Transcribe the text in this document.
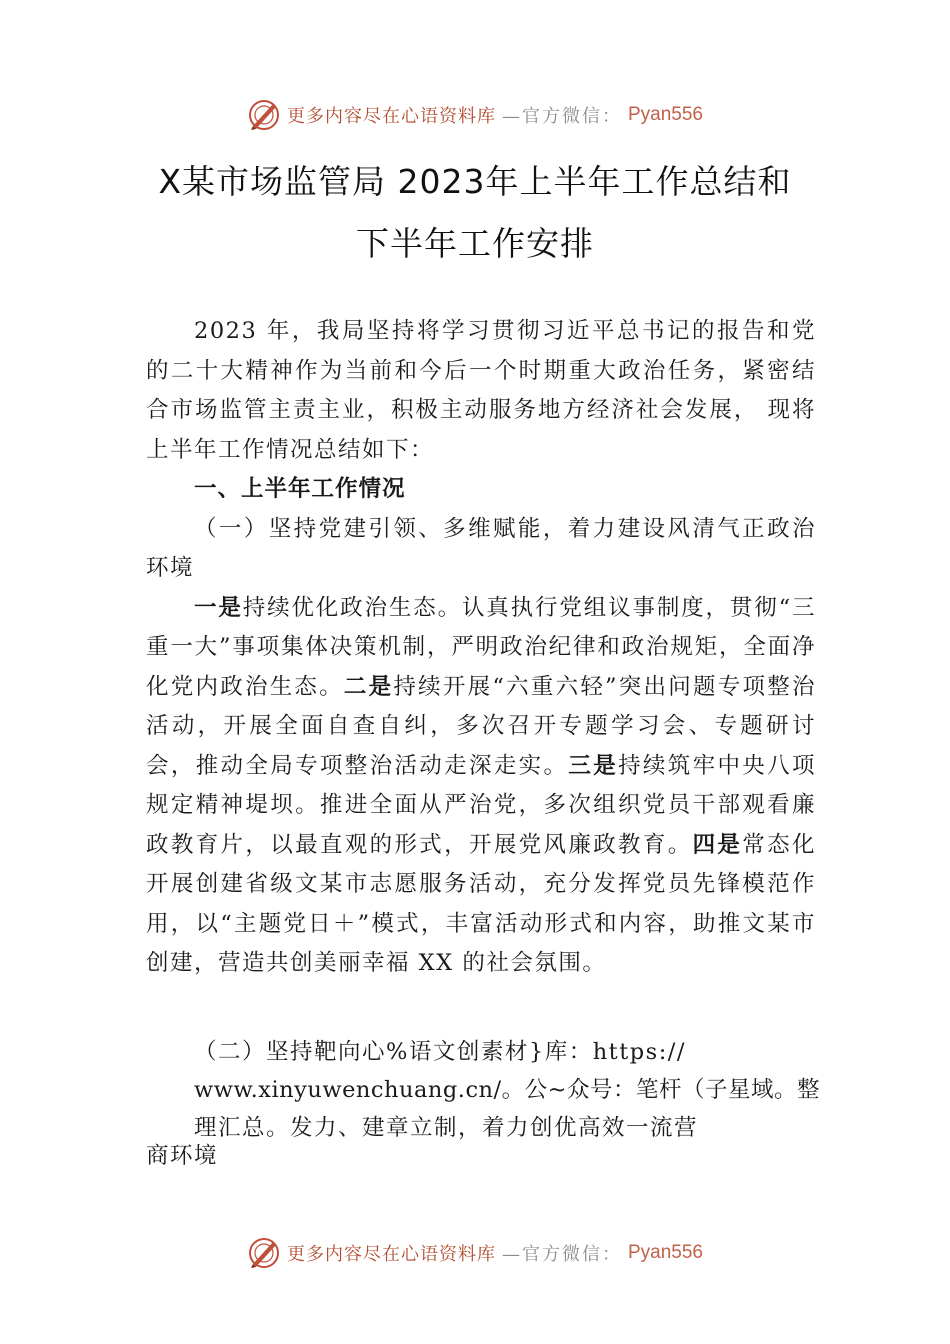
更多内容尽在心语资料库 —官方微信： Pyan556
X某市场监管局 2023年上半年工作总结和
下半年工作安排

2023 年，我局坚持将学习贯彻习近平总书记的报告和党的二十大精神作为当前和今后一个时期重大政治任务，紧密结合市场监管主责主业，积极主动服务地方经济社会发展， 现将上半年工作情况总结如下：

一、上半年工作情况

（一）坚持党建引领、多维赋能，着力建设风清气正政治环境

一是持续优化政治生态。认真执行党组议事制度，贯彻“三重一大”事项集体决策机制，严明政治纪律和政治规矩，全面净化党内政治生态。二是持续开展“六重六轻”突出问题专项整治活动，开展全面自查自纠，多次召开专题学习会、专题研讨会，推动全局专项整治活动走深走实。三是持续筑牢中央八项规定精神堤坝。推进全面从严治党，多次组织党员干部观看廉政教育片，以最直观的形式，开展党风廉政教育。四是常态化开展创建省级文某市志愿服务活动，充分发挥党员先锋模范作用，以“主题党日＋”模式，丰富活动形式和内容，助推文某市创建，营造共创美丽幸福 XX 的社会氛围。

（二）坚持靶向心%语文创素材}库：https://
www.xinyuwenchuang.cn/。公~众号：笔杆（子星域。整
理汇总。发力、建章立制，着力创优高效一流营
商环境
更多内容尽在心语资料库 —官方微信： Pyan556
